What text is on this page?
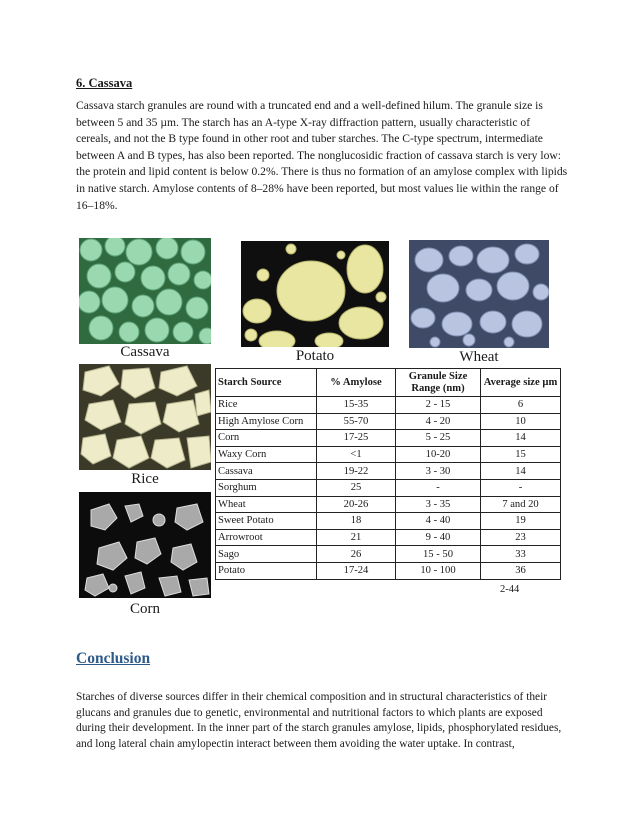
6. Cassava
Cassava starch granules are round with a truncated end and a well-defined hilum. The granule size is between 5 and 35 µm. The starch has an A-type X-ray diffraction pattern, usually characteristic of cereals, and not the B type found in other root and tuber starches. The C-type spectrum, intermediate between A and B types, has also been reported. The nonglucosidic fraction of cassava starch is very low: the protein and lipid content is below 0.2%. There is thus no formation of an amylose complex with lipids in native starch. Amylose contents of 8–28% have been reported, but most values lie within the range of 16–18%.
Cassava	Potato	Wheat
Rice
Corn
Starch Source	% Amylose	Granule Size Range (nm)	Average size µm
Rice	15-35	2 - 15	6
High Amylose Corn	55-70	4 - 20	10
Corn	17-25	5 - 25	14
Waxy Corn	<1	10-20	15
Cassava	19-22	3 - 30	14
Sorghum	25	-	-
Wheat	20-26	3 - 35	7 and 20
Sweet Potato	18	4 - 40	19
Arrowroot	21	9 - 40	23
Sago	26	15 - 50	33
Potato	17-24	10 - 100	36
2-44
Conclusion
Starches of diverse sources differ in their chemical composition and in structural characteristics of their glucans and granules due to genetic, environmental and nutritional factors to which plants are exposed during their development. In the inner part of the starch granules amylose, lipids, phosphorylated residues, and long lateral chain amylopectin interact between them avoiding the water uptake. In contrast,
